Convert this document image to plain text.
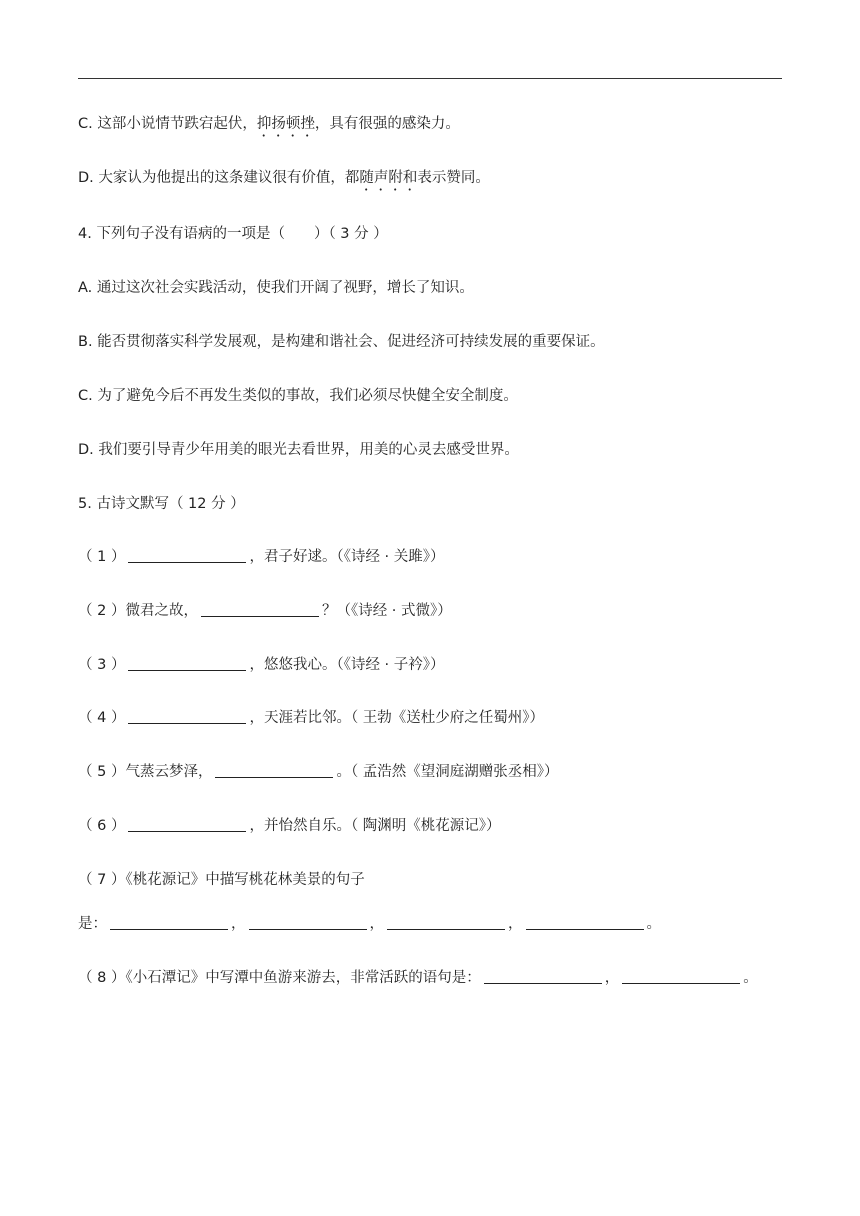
C. 这部小说情节跌宕起伏，抑扬顿挫，具有很强的感染力。
D. 大家认为他提出的这条建议很有价值，都随声附和表示赞同。
4. 下列句子没有语病的一项是（　　）（ 3 分 ）
A. 通过这次社会实践活动，使我们开阔了视野，增长了知识。
B. 能否贯彻落实科学发展观，是构建和谐社会、促进经济可持续发展的重要保证。
C. 为了避免今后不再发生类似的事故，我们必须尽快健全安全制度。
D. 我们要引导青少年用美的眼光去看世界，用美的心灵去感受世界。
5. 古诗文默写（ 12 分 ）
（ 1 ）	，君子好逑。（《诗经 · 关雎》）
（ 2 ）微君之故，	？（《诗经 · 式微》）
（ 3 ）	，悠悠我心。（《诗经 · 子衿》）
（ 4 ）	，天涯若比邻。（ 王勃《送杜少府之任蜀州》）
（ 5 ）气蒸云梦泽，	。（ 孟浩然《望洞庭湖赠张丞相》）
（ 6 ）	，并怡然自乐。（ 陶渊明《桃花源记》）
（ 7 ）《桃花源记》中描写桃花林美景的句子
是：	，	，	，	。
（ 8 ）《小石潭记》中写潭中鱼游来游去，非常活跃的语句是：	，	。
